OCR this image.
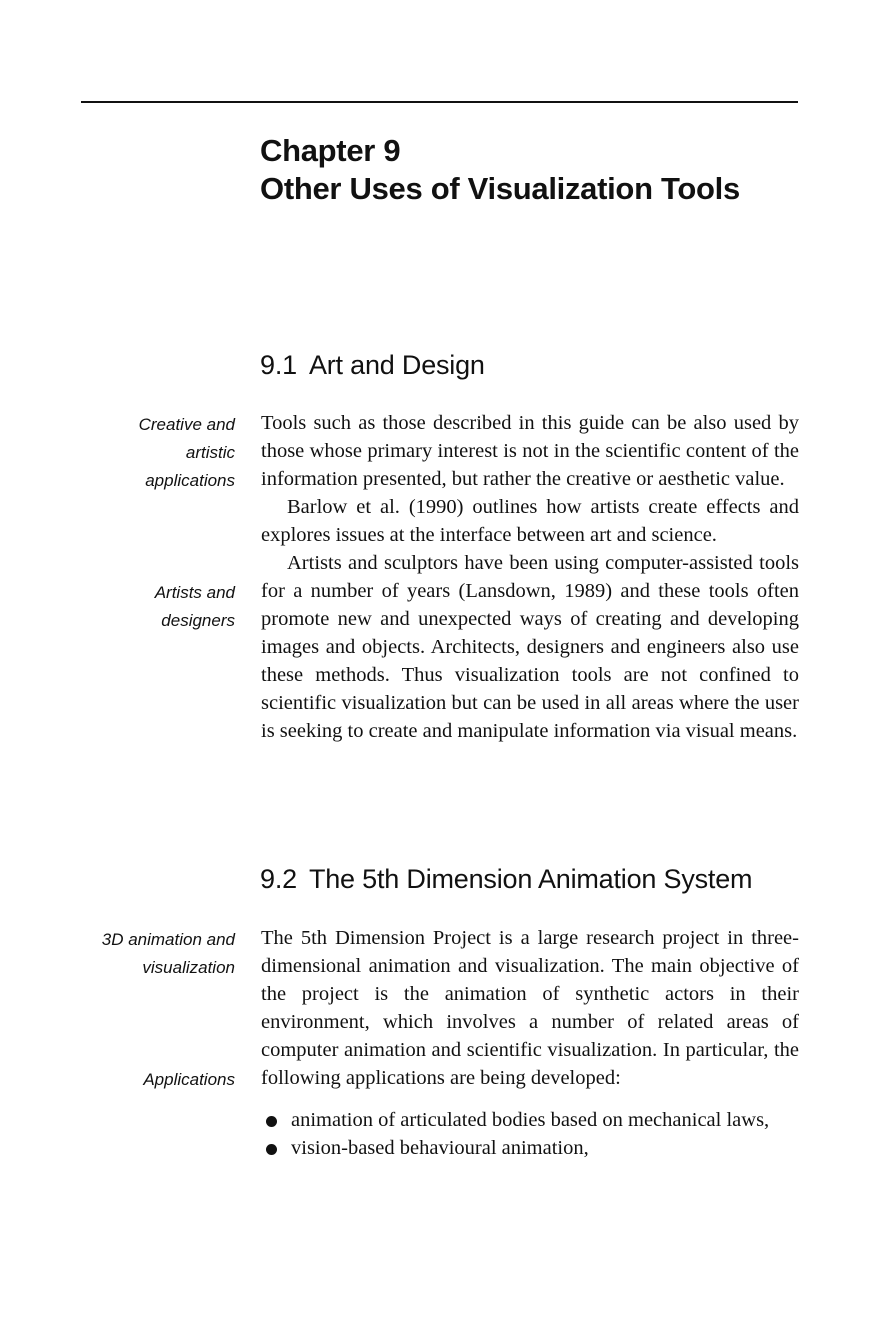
Chapter 9
Other Uses of Visualization Tools
9.1 Art and Design
Creative and
artistic
applications
Artists and
designers

Tools such as those described in this guide can be also used by those whose primary interest is not in the scientific content of the information presented, but rather the creative or aesthetic value.

Barlow et al. (1990) outlines how artists create effects and explores issues at the interface between art and science.

Artists and sculptors have been using computer-assisted tools for a number of years (Lansdown, 1989) and these tools often promote new and unexpected ways of creating and developing images and objects. Architects, designers and engineers also use these methods. Thus visualization tools are not confined to scientific visualization but can be used in all areas where the user is seeking to create and manipulate information via visual means.

9.2 The 5th Dimension Animation System
3D animation and
visualization
Applications

The 5th Dimension Project is a large research project in three-dimensional animation and visualization. The main objective of the project is the animation of synthetic actors in their environment, which involves a number of related areas of computer animation and scientific visualization. In particular, the following applications are being developed:

animation of articulated bodies based on mechanical laws,
vision-based behavioural animation,
